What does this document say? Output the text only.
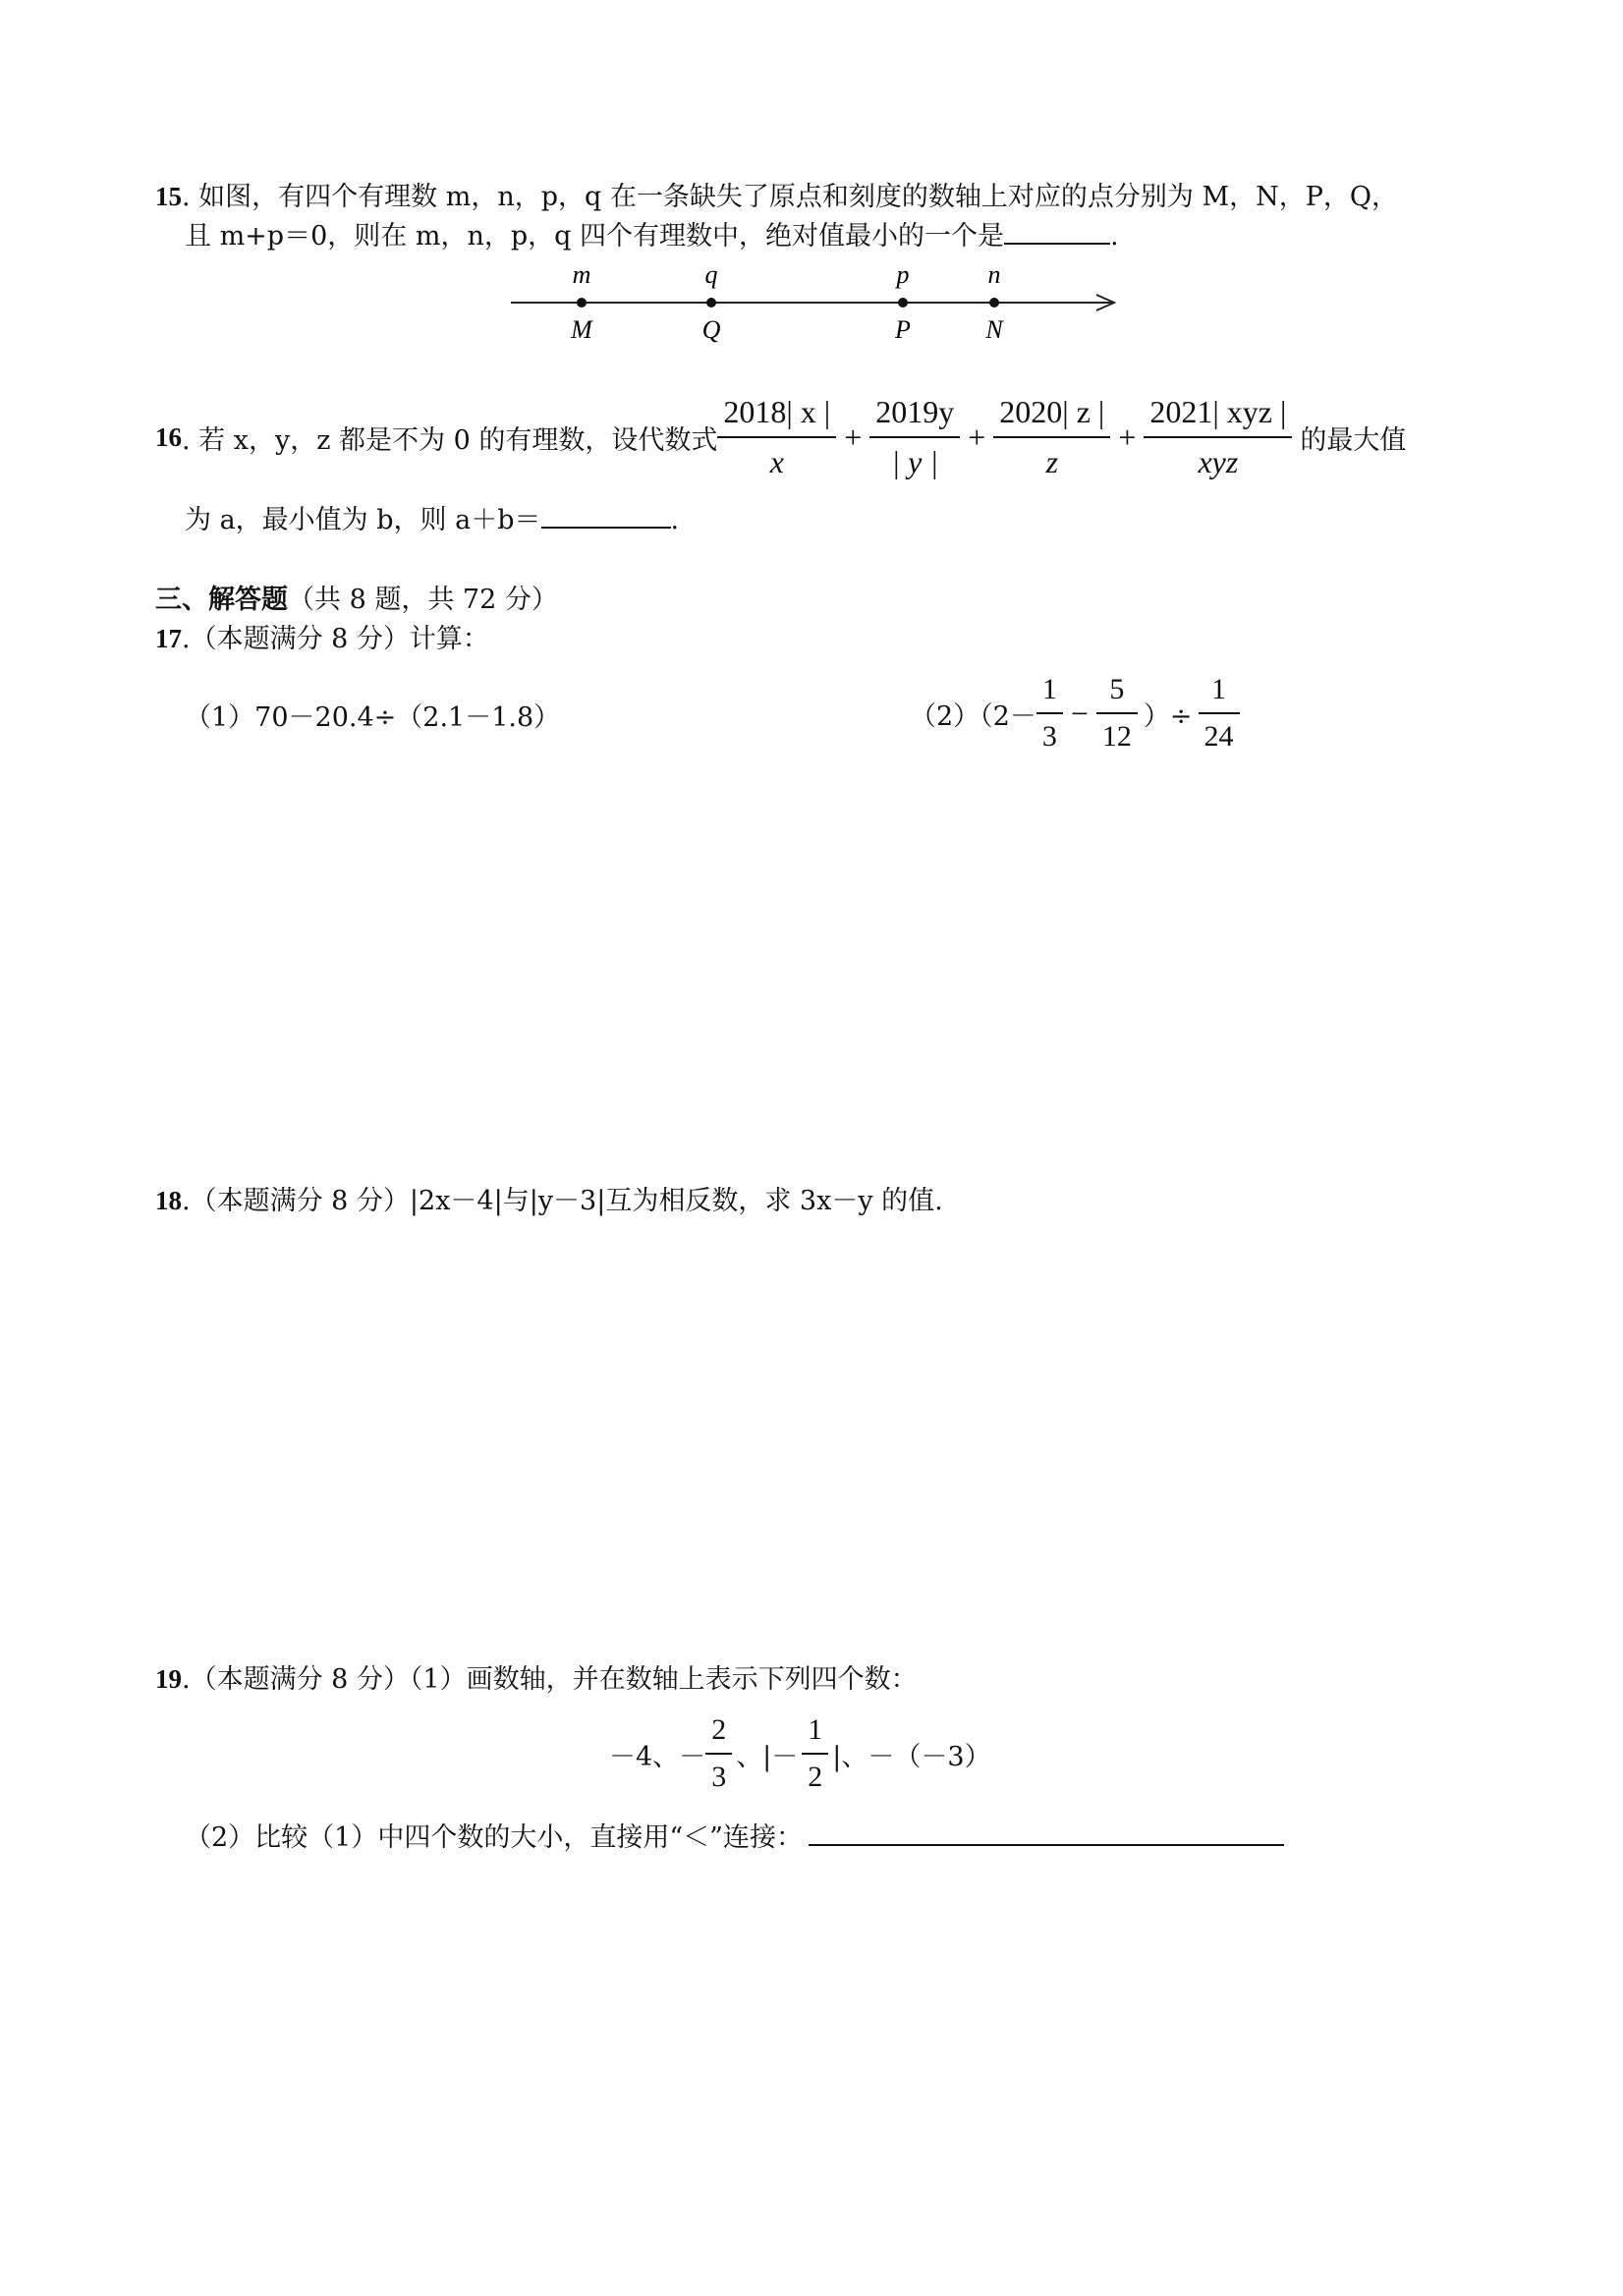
15. 如图，有四个有理数 m，n，p，q 在一条缺失了原点和刻度的数轴上对应的点分别为 M，N，P，Q，
且 m+p＝0，则在 m，n，p，q 四个有理数中，绝对值最小的一个是	.
m
M
q
Q
p
P
n
N
16 . 若 x，y，z 都是不为 0 的有理数，设代数式 $\frac{2018| x |}{x} + \frac{2019y}{| y |} + \frac{2020| z |}{z} + \frac{\text{2021| xyz |}}{\text{xyz}}$ 的最大值
为 a，最小值为 b，则 a＋b＝	.
三、解答题（共 8 题，共 72 分）
17.（本题满分 8 分）计算：
（1）70－20.4÷（2.1－1.8）	$(2)(2- \frac{1}{3} - \frac{5}{12}$ ）÷ $\frac{1}{24}$
18.（本题满分 8 分）|2x－4|与|y－3|互为相反数，求 3x－y 的值.
19.（本题满分 8 分）（1）画数轴，并在数轴上表示下列四个数：
－4、－ $\frac{2}{3}$ 、|－ $\frac{1}{2}$ |、－（－3）
（2）比较（1）中四个数的大小，直接用“＜”连接：
